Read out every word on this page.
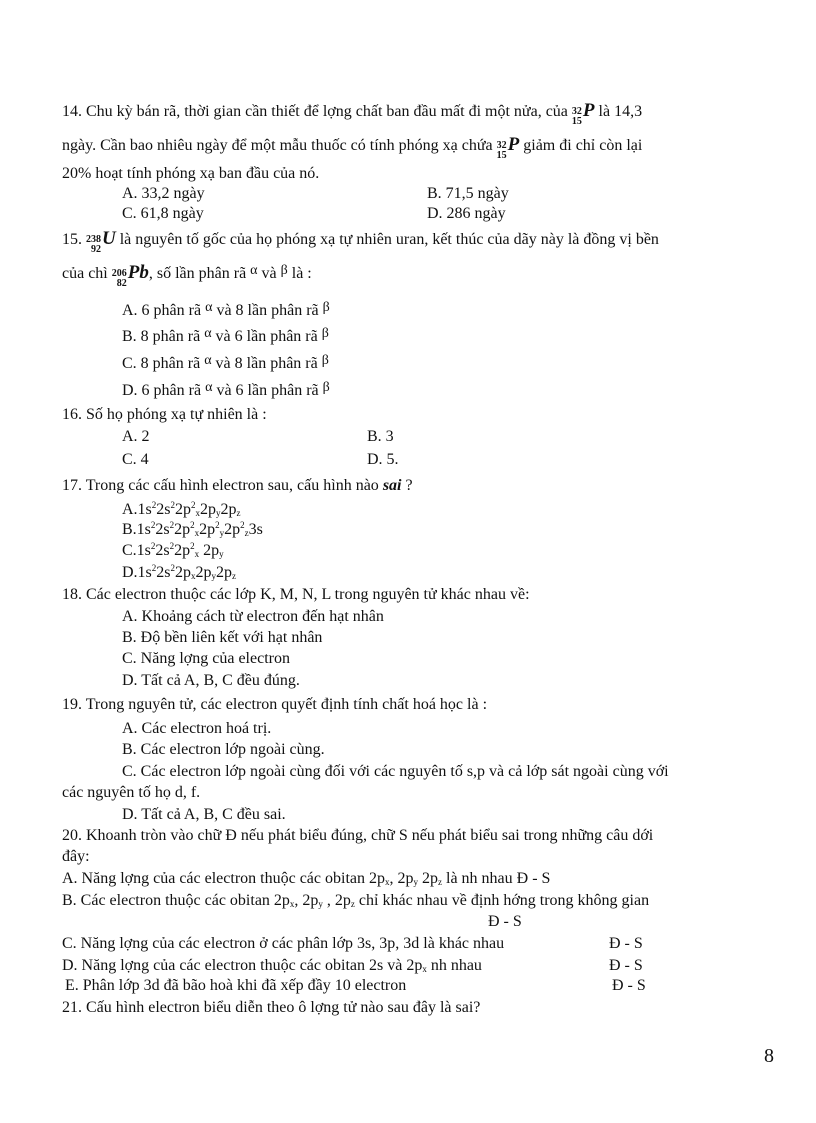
14. Chu kỳ bán rã, thời gian cần thiết để lợng chất ban đầu mất đi một nửa, của 32
15
P là 14,3
ngày. Cần bao nhiêu ngày để một mẫu thuốc có tính phóng xạ chứa 32
15
P giảm đi chỉ còn lại
20% hoạt tính phóng xạ ban đầu của nó.
A. 33,2 ngày	B. 71,5 ngày
C. 61,8 ngày	D. 286 ngày
15. 238
92
U là nguyên tố gốc của họ phóng xạ tự nhiên uran, kết thúc của dãy này là đồng vị bền
của chì 206
82
Pb, số lần phân rã α và β là :
A. 6 phân rã α và 8 lần phân rã β
B. 8 phân rã α và 6 lần phân rã β
C. 8 phân rã α và 8 lần phân rã β
D. 6 phân rã α và 6 lần phân rã β
16. Số họ phóng xạ tự nhiên là :
A. 2	B. 3
C. 4	D. 5.
17. Trong các cấu hình electron sau, cấu hình nào sai ?
$A.1s^22s^22p^2_x2p_y2p_z$
$B.1s^22s^22p^2_x2p^2_y2p^2_z3s$
$C.1s^22s^22p^2_x$ $2p_y$
$D.1s^22s^22p_x2p_y2p_z$
18. Các electron thuộc các lớp K, M, N, L trong nguyên tử khác nhau về:
A. Khoảng cách từ electron đến hạt nhân
B. Độ bền liên kết với hạt nhân
C. Năng lợng của electron
D. Tất cả A, B, C đều đúng.
19. Trong nguyên tử, các electron quyết định tính chất hoá học là :
A. Các electron hoá trị.
B. Các electron lớp ngoài cùng.
C. Các electron lớp ngoài cùng đối với các nguyên tố s,p và cả lớp sát ngoài cùng với
các nguyên tố họ d, f.
D. Tất cả A, B, C đều sai.
20. Khoanh tròn vào chữ Đ nếu phát biểu đúng, chữ S nếu phát biểu sai trong những câu dới
đây:
A. Năng lợng của các electron thuộc các obitan $2p_x$, $2p_y$ $2p_z$ là nh nhau Đ - S
B. Các electron thuộc các obitan $2p_x$, $2p_y$ , $2p_z$ chỉ khác nhau về định hớng trong không gian
Đ - S
C. Năng lợng của các electron ở các phân lớp 3s, 3p, 3d là khác nhau	Đ - S
D. Năng lợng của các electron thuộc các obitan 2s và $2p_x$ nh nhau	Đ - S
E. Phân lớp 3d đã bão hoà khi đã xếp đầy 10 electron	Đ - S
21. Cấu hình electron biểu diễn theo ô lợng tử nào sau đây là sai?
8
